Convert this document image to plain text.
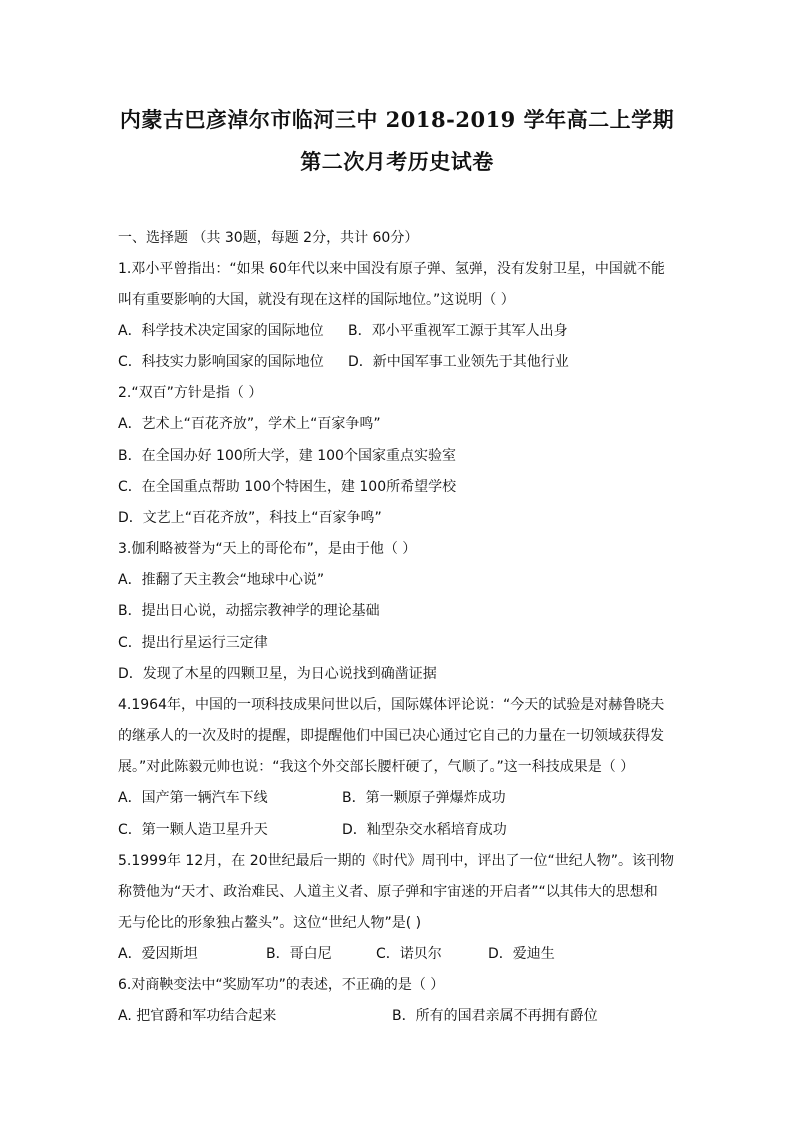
内蒙古巴彦淖尔市临河三中 2018-2019 学年高二上学期
第二次月考历史试卷
一、选择题 （共 30题，每题 2分，共计 60分）
1.邓小平曾指出：“如果 60年代以来中国没有原子弹、氢弹，没有发射卫星，中国就不能
叫有重要影响的大国，就没有现在这样的国际地位。”这说明（ ）
A．科学技术决定国家的国际地位 B．邓小平重视军工源于其军人出身
C．科技实力影响国家的国际地位 D．新中国军事工业领先于其他行业
2.“双百”方针是指（ ）
A．艺术上“百花齐放”，学术上“百家争鸣”
B．在全国办好 100所大学，建 100个国家重点实验室
C．在全国重点帮助 100个特困生，建 100所希望学校
D．文艺上“百花齐放”，科技上“百家争鸣”
3.伽利略被誉为“天上的哥伦布”，是由于他（ ）
A．推翻了天主教会“地球中心说”
B．提出日心说，动摇宗教神学的理论基础
C．提出行星运行三定律
D．发现了木星的四颗卫星，为日心说找到确凿证据
4.1964年，中国的一项科技成果问世以后，国际媒体评论说：“今天的试验是对赫鲁晓夫
的继承人的一次及时的提醒，即提醒他们中国已决心通过它自己的力量在一切领域获得发
展。”对此陈毅元帅也说：“我这个外交部长腰杆硬了，气顺了。”这一科技成果是（ ）
A．国产第一辆汽车下线	B．第一颗原子弹爆炸成功
C．第一颗人造卫星升天	D．籼型杂交水稻培育成功
5.1999年 12月，在 20世纪最后一期的《时代》周刊中，评出了一位“世纪人物”。该刊物
称赞他为“天才、政治难民、人道主义者、原子弹和宇宙迷的开启者”“以其伟大的思想和
无与伦比的形象独占鳌头”。这位“世纪人物”是( )
A．爱因斯坦	B．哥白尼	C．诺贝尔	D．爱迪生
6.对商鞅变法中“奖励军功”的表述，不正确的是（ ）
A. 把官爵和军功结合起来	B．所有的国君亲属不再拥有爵位
